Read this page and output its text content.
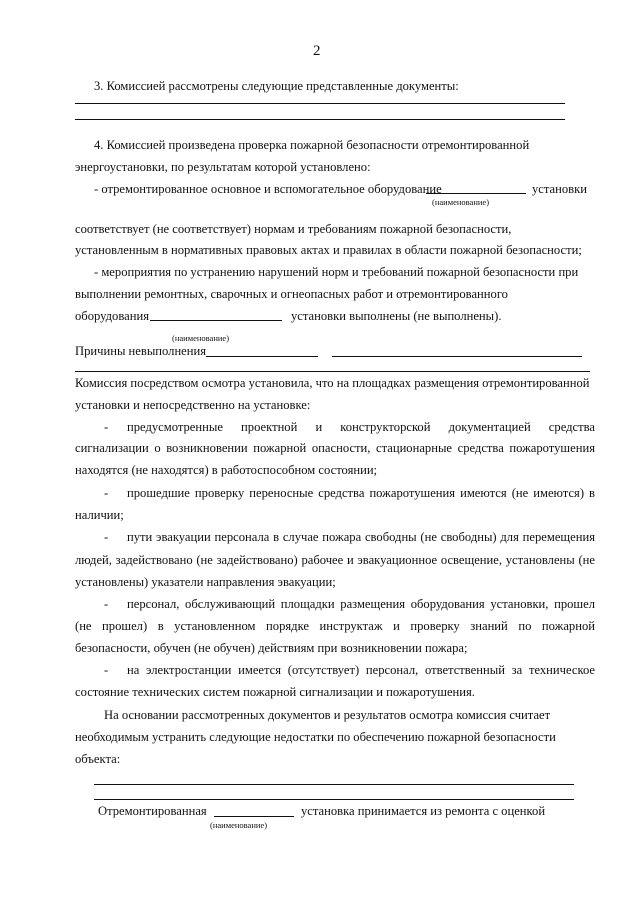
2
3. Комиссией рассмотрены следующие представленные документы:
4. Комиссией произведена проверка пожарной безопасности отремонтированной
энергоустановки, по результатам которой установлено:
- отремонтированное основное и вспомогательное оборудование	установки
(наименование)
соответствует (не соответствует) нормам и требованиям пожарной безопасности,
установленным в нормативных правовых актах и правилах в области пожарной безопасности;
- мероприятия по устранению нарушений норм и требований пожарной безопасности при
выполнении ремонтных, сварочных и огнеопасных работ и отремонтированного
оборудования	установки выполнены (не выполнены).
(наименование)
Причины невыполнения
Комиссия посредством осмотра установила, что на площадках размещения отремонтированной
установки и непосредственно на установке:
- предусмотренные проектной и конструкторской документацией средства
сигнализации о возникновении пожарной опасности, стационарные средства пожаротушения
находятся (не находятся) в работоспособном состоянии;
- прошедшие проверку переносные средства пожаротушения имеются (не имеются) в
наличии;
- пути эвакуации персонала в случае пожара свободны (не свободны) для перемещения
людей, задействовано (не задействовано) рабочее и эвакуационное освещение, установлены (не
установлены) указатели направления эвакуации;
- персонал, обслуживающий площадки размещения оборудования установки, прошел
(не прошел) в установленном порядке инструктаж и проверку знаний по пожарной
безопасности, обучен (не обучен) действиям при возникновении пожара;
- на электростанции имеется (отсутствует) персонал, ответственный за техническое
состояние технических систем пожарной сигнализации и пожаротушения.
На основании рассмотренных документов и результатов осмотра комиссия считает
необходимым устранить следующие недостатки по обеспечению пожарной безопасности
объекта:
Отремонтированная	установка принимается из ремонта с оценкой
(наименование)
